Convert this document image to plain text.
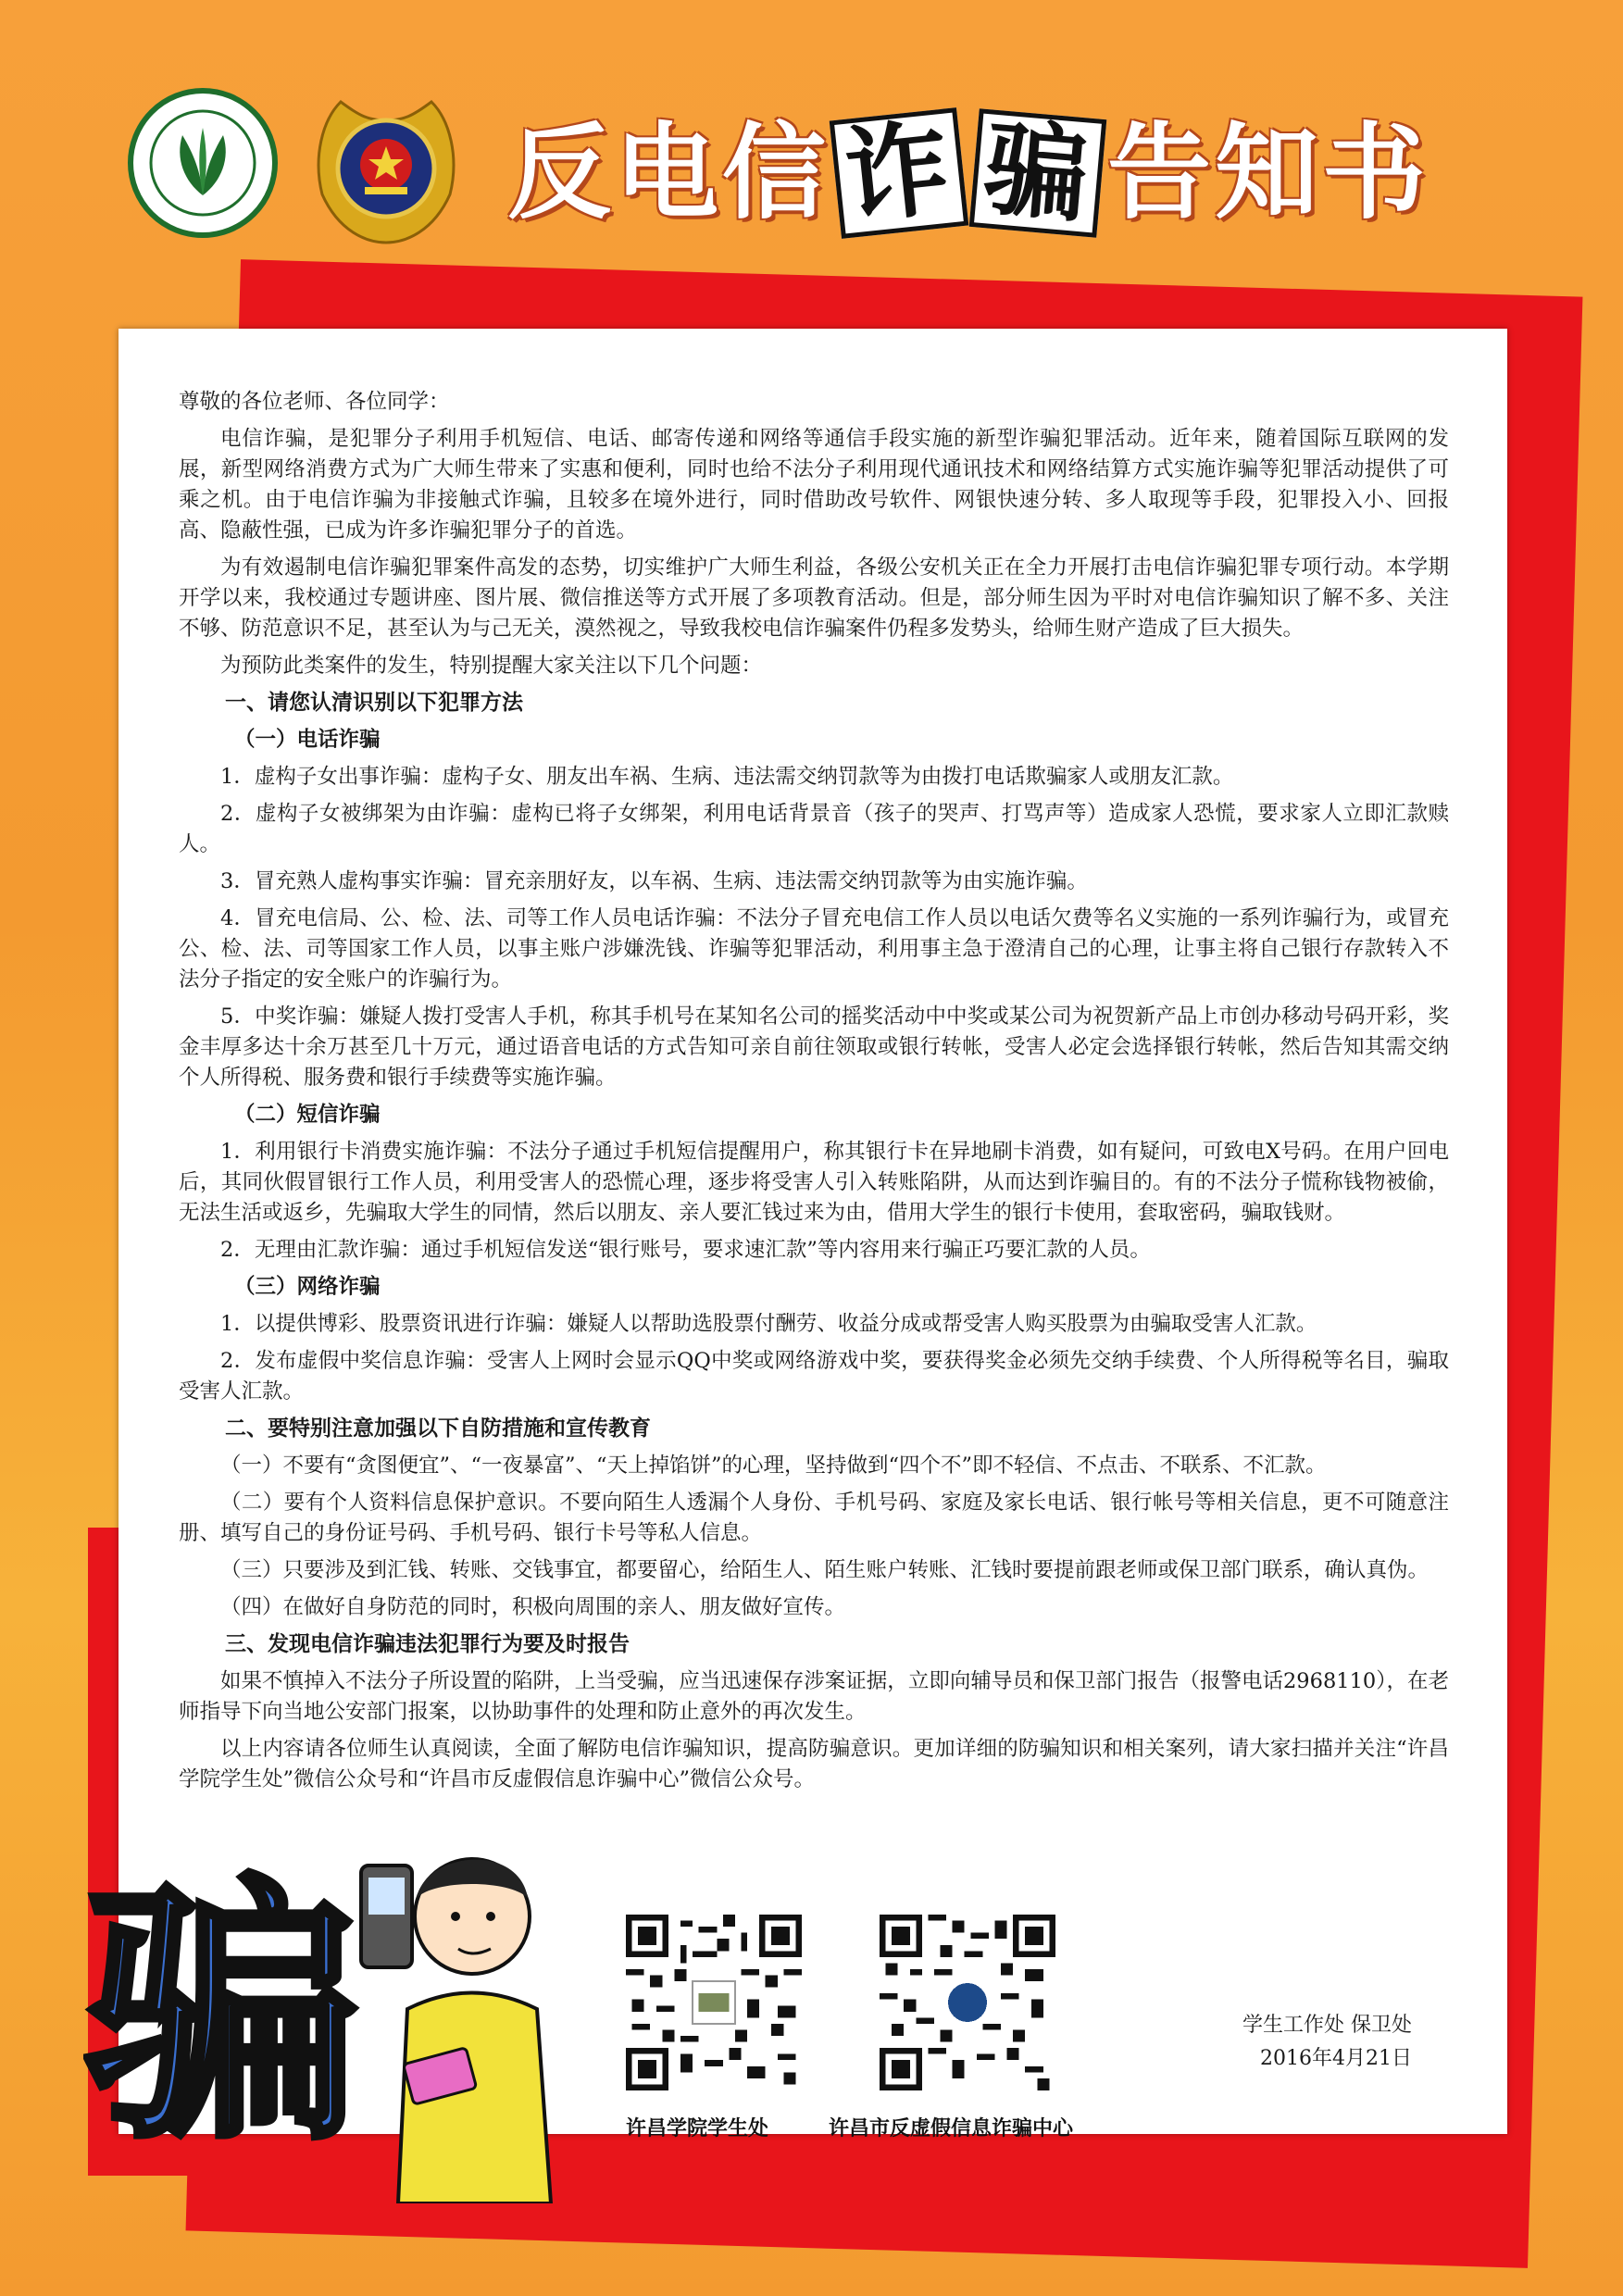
反电信诈 骗 告知书

尊敬的各位老师、各位同学：

电信诈骗，是犯罪分子利用手机短信、电话、邮寄传递和网络等通信手段实施的新型诈骗犯罪活动。近年来，随着国际互联网的发展，新型网络消费方式为广大师生带来了实惠和便利，同时也给不法分子利用现代通讯技术和网络结算方式实施诈骗等犯罪活动提供了可乘之机。由于电信诈骗为非接触式诈骗，且较多在境外进行，同时借助改号软件、网银快速分转、多人取现等手段，犯罪投入小、回报高、隐蔽性强，已成为许多诈骗犯罪分子的首选。

为有效遏制电信诈骗犯罪案件高发的态势，切实维护广大师生利益，各级公安机关正在全力开展打击电信诈骗犯罪专项行动。本学期开学以来，我校通过专题讲座、图片展、微信推送等方式开展了多项教育活动。但是，部分师生因为平时对电信诈骗知识了解不多、关注不够、防范意识不足，甚至认为与己无关，漠然视之，导致我校电信诈骗案件仍程多发势头，给师生财产造成了巨大损失。

为预防此类案件的发生，特别提醒大家关注以下几个问题：

一、请您认清识别以下犯罪方法
（一）电话诈骗

1．虚构子女出事诈骗：虚构子女、朋友出车祸、生病、违法需交纳罚款等为由拨打电话欺骗家人或朋友汇款。

2．虚构子女被绑架为由诈骗：虚构已将子女绑架，利用电话背景音（孩子的哭声、打骂声等）造成家人恐慌，要求家人立即汇款赎人。

3．冒充熟人虚构事实诈骗：冒充亲朋好友，以车祸、生病、违法需交纳罚款等为由实施诈骗。

4．冒充电信局、公、检、法、司等工作人员电话诈骗：不法分子冒充电信工作人员以电话欠费等名义实施的一系列诈骗行为，或冒充公、检、法、司等国家工作人员，以事主账户涉嫌洗钱、诈骗等犯罪活动，利用事主急于澄清自己的心理，让事主将自己银行存款转入不法分子指定的安全账户的诈骗行为。

5．中奖诈骗：嫌疑人拨打受害人手机，称其手机号在某知名公司的摇奖活动中中奖或某公司为祝贺新产品上市创办移动号码开彩，奖金丰厚多达十余万甚至几十万元，通过语音电话的方式告知可亲自前往领取或银行转帐，受害人必定会选择银行转帐，然后告知其需交纳个人所得税、服务费和银行手续费等实施诈骗。

（二）短信诈骗

1．利用银行卡消费实施诈骗：不法分子通过手机短信提醒用户，称其银行卡在异地刷卡消费，如有疑问，可致电X号码。在用户回电后，其同伙假冒银行工作人员，利用受害人的恐慌心理，逐步将受害人引入转账陷阱，从而达到诈骗目的。有的不法分子慌称钱物被偷，无法生活或返乡，先骗取大学生的同情，然后以朋友、亲人要汇钱过来为由，借用大学生的银行卡使用，套取密码，骗取钱财。

2．无理由汇款诈骗：通过手机短信发送“银行账号，要求速汇款”等内容用来行骗正巧要汇款的人员。

（三）网络诈骗

1．以提供博彩、股票资讯进行诈骗：嫌疑人以帮助选股票付酬劳、收益分成或帮受害人购买股票为由骗取受害人汇款。

2．发布虚假中奖信息诈骗：受害人上网时会显示QQ中奖或网络游戏中奖，要获得奖金必须先交纳手续费、个人所得税等名目，骗取受害人汇款。

二、要特别注意加强以下自防措施和宣传教育

（一）不要有“贪图便宜”、“一夜暴富”、“天上掉馅饼”的心理，坚持做到“四个不”即不轻信、不点击、不联系、不汇款。

（二）要有个人资料信息保护意识。不要向陌生人透漏个人身份、手机号码、家庭及家长电话、银行帐号等相关信息，更不可随意注册、填写自己的身份证号码、手机号码、银行卡号等私人信息。

（三）只要涉及到汇钱、转账、交钱事宜，都要留心，给陌生人、陌生账户转账、汇钱时要提前跟老师或保卫部门联系，确认真伪。

（四）在做好自身防范的同时，积极向周围的亲人、朋友做好宣传。

三、发现电信诈骗违法犯罪行为要及时报告

如果不慎掉入不法分子所设置的陷阱，上当受骗，应当迅速保存涉案证据，立即向辅导员和保卫部门报告（报警电话2968110），在老师指导下向当地公安部门报案，以协助事件的处理和防止意外的再次发生。

以上内容请各位师生认真阅读，全面了解防电信诈骗知识，提高防骗意识。更加详细的防骗知识和相关案列，请大家扫描并关注“许昌学院学生处”微信公众号和“许昌市反虚假信息诈骗中心”微信公众号。

骗	许昌学院学生处	许昌市反虚假信息诈骗中心
学生工作处 保卫处
2016年4月21日
